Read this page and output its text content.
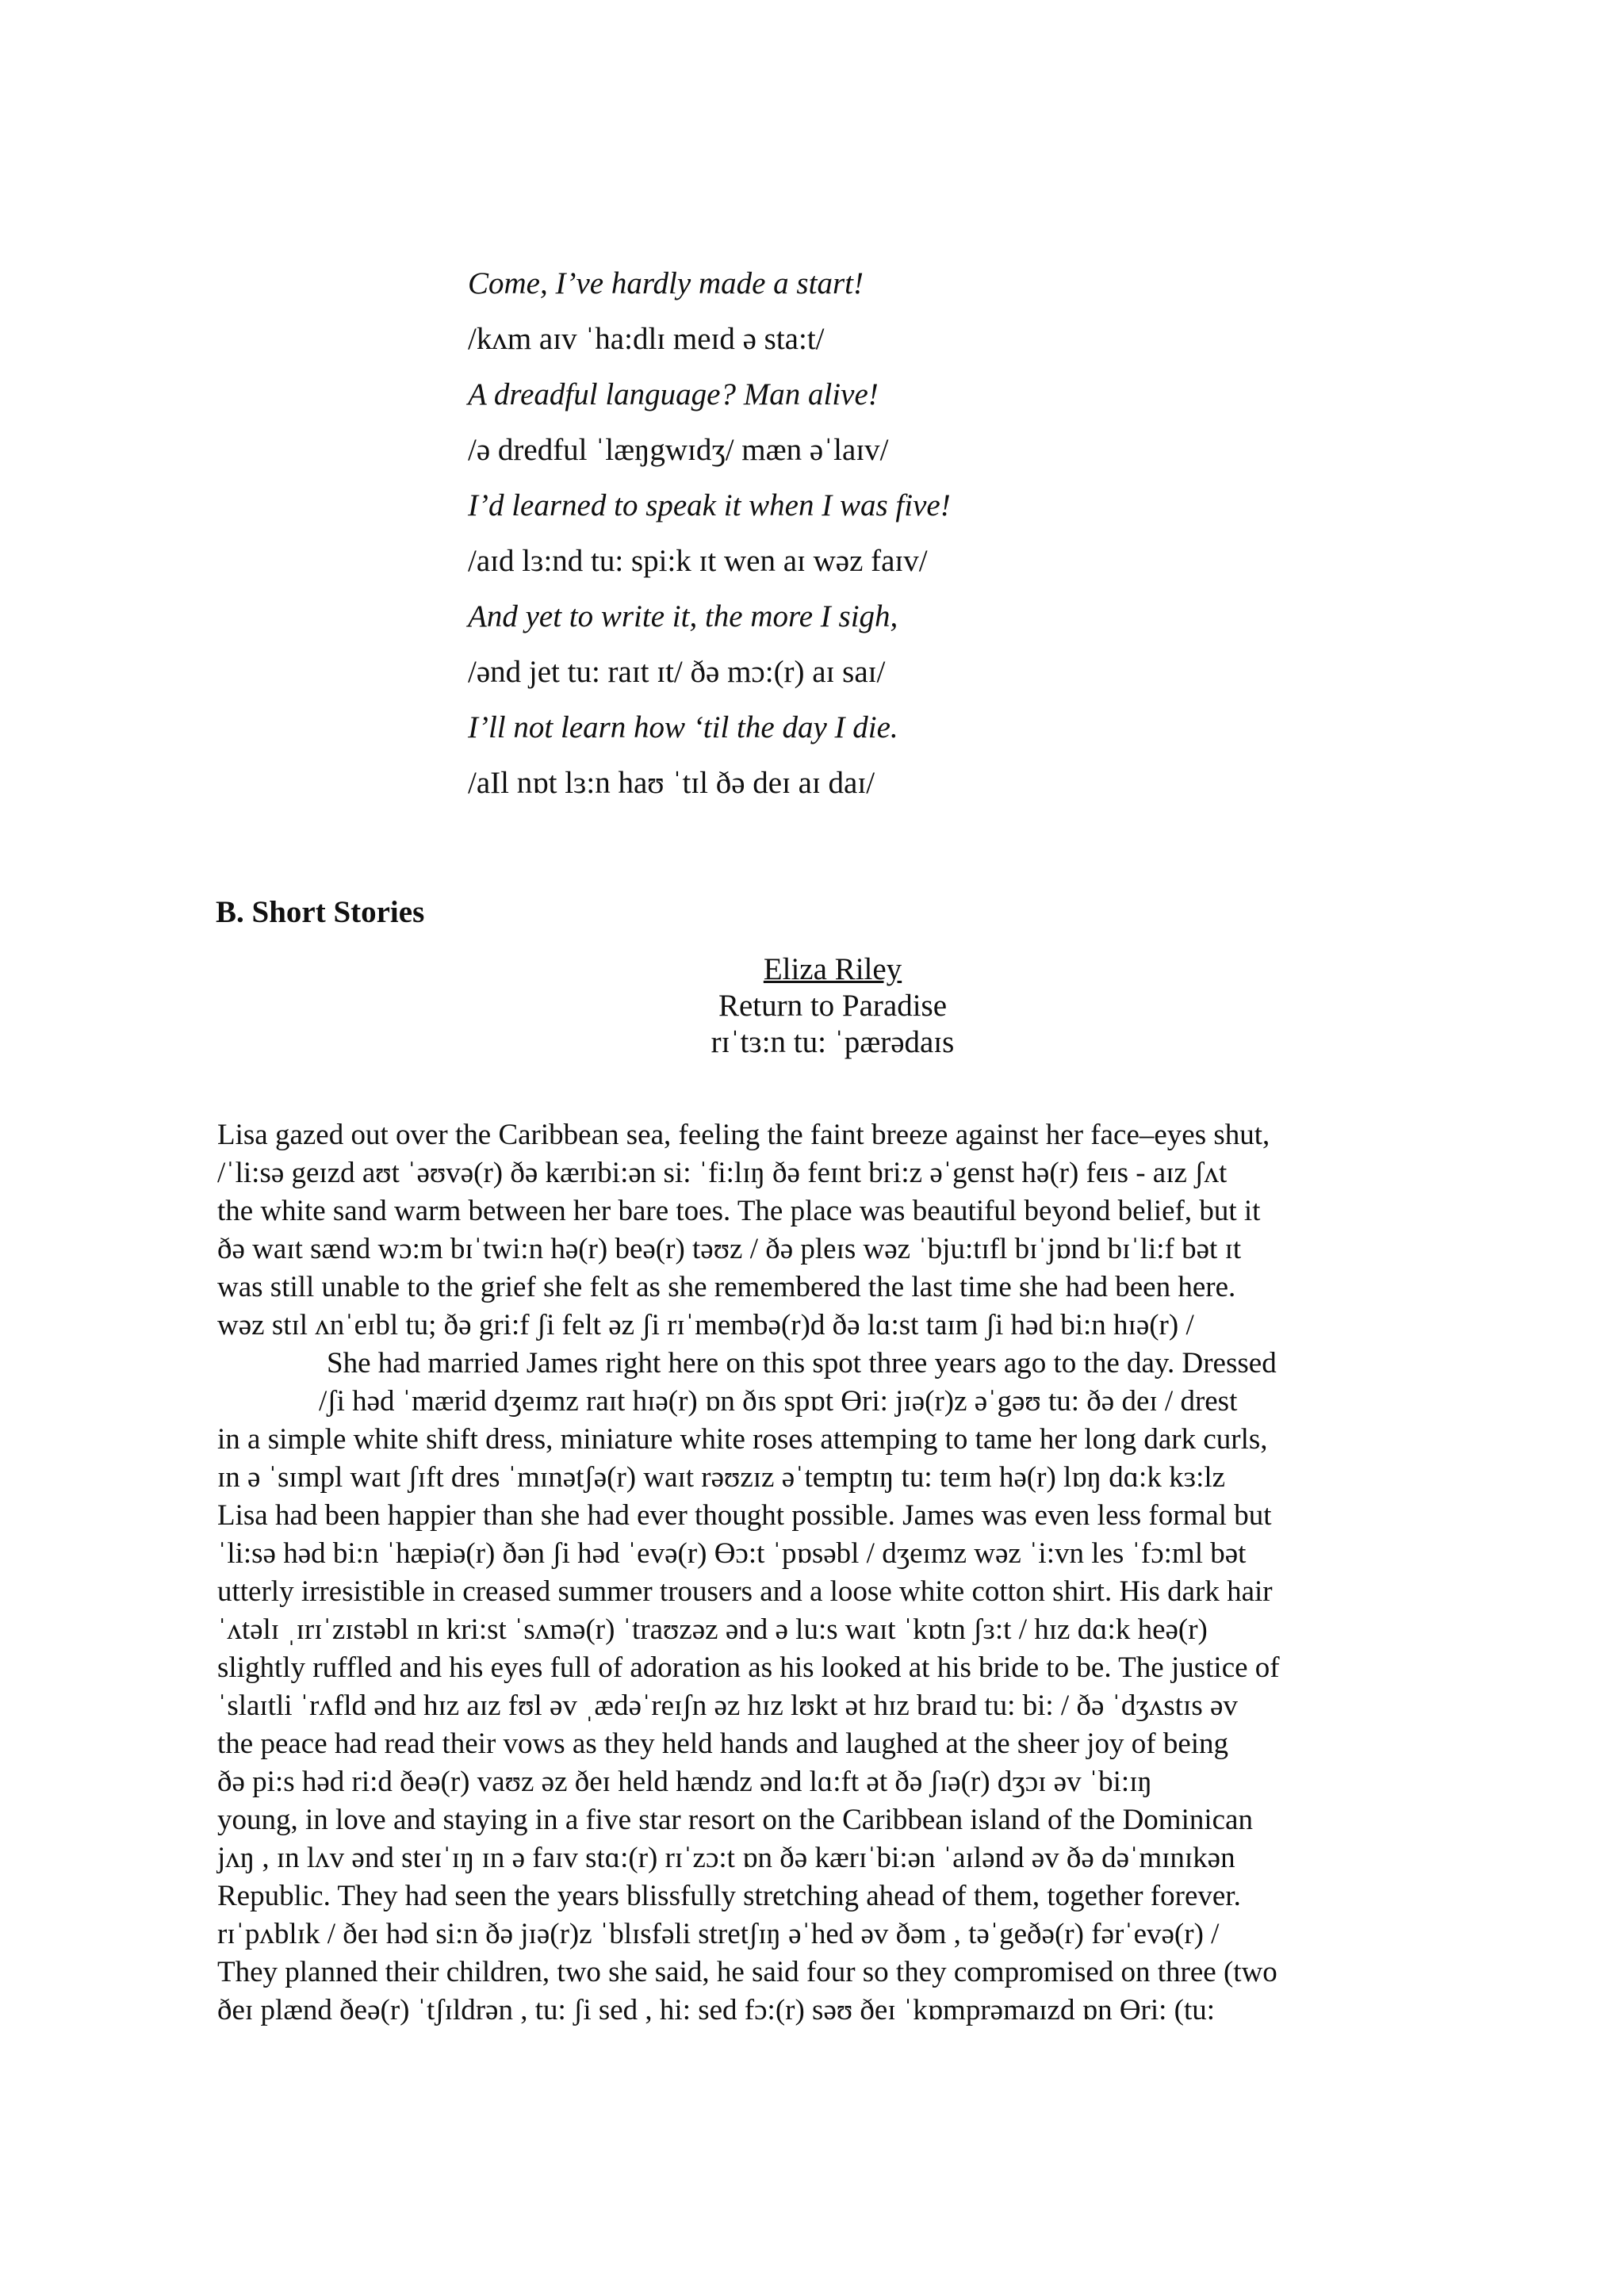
Come, I’ve hardly made a start!
/kʌm aɪv ˈha:dlɪ meɪd ə sta:t/
A dreadful language? Man alive!
/ə dredful ˈlæŋgwɪdʒ/ mæn əˈlaɪv/
I’d learned to speak it when I was five!
/aɪd lɜ:nd tu: spi:k ɪt wen aɪ wəz faɪv/
And yet to write it, the more I sigh,
/ənd jet tu: raɪt ɪt/ ðə mɔ:(r) aɪ saɪ/
I’ll not learn how ‘til the day I die.
/aIl nɒt lɜ:n haʊ ˈtɪl ðə deɪ aɪ daɪ/
B. Short Stories
Eliza Riley
Return to Paradise
rɪˈtɜ:n tu: ˈpærədaɪs
Lisa gazed out over the Caribbean sea, feeling the faint breeze against her face–eyes shut,
/ˈli:sə geɪzd aʊt ˈəʊvə(r) ðə kærɪbi:ən si: ˈfi:lɪŋ ðə feɪnt bri:z əˈgenst hə(r) feɪs - aɪz ʃʌt
the white sand warm between her bare toes. The place was beautiful beyond belief, but it
ðə waɪt sænd wɔ:m bɪˈtwi:n hə(r) beə(r) təʊz / ðə pleɪs wəz ˈbju:tɪfl bɪˈjɒnd bɪˈli:f bət ɪt
was still unable to the grief she felt as she remembered the last time she had been here.
wəz stɪl ʌnˈeɪbl tu; ðə gri:f ʃi felt əz ʃi rɪˈmembə(r)d ðə lɑ:st taɪm ʃi həd bi:n hɪə(r) /
She had married James right here on this spot three years ago to the day. Dressed
/ʃi həd ˈmærid dʒeɪmz raɪt hɪə(r) ɒn ðɪs spɒt Өri: jɪə(r)z əˈgəʊ tu: ðə deɪ / drest
in a simple white shift dress, miniature white roses attemping to tame her long dark curls,
ɪn ə ˈsɪmpl waɪt ʃɪft dres ˈmɪnətʃə(r) waɪt rəʊzɪz əˈtemptɪŋ tu: teɪm hə(r) lɒŋ dɑ:k kɜ:lz
Lisa had been happier than she had ever thought possible. James was even less formal but
ˈli:sə həd bi:n ˈhæpiə(r) ðən ʃi həd ˈevə(r) Өɔ:t ˈpɒsəbl / dʒeɪmz wəz ˈi:vn les ˈfɔ:ml bət
utterly irresistible in creased summer trousers and a loose white cotton shirt. His dark hair
ˈʌtəlɪ ˌɪrɪˈzɪstəbl ɪn kri:st ˈsʌmə(r) ˈtraʊzəz ənd ə lu:s waɪt ˈkɒtn ʃɜ:t / hɪz dɑ:k heə(r)
slightly ruffled and his eyes full of adoration as his looked at his bride to be. The justice of
ˈslaɪtli ˈrʌfld ənd hɪz aɪz fʊl əv ˌædəˈreɪʃn əz hɪz lʊkt ət hɪz braɪd tu: bi: / ðə ˈdʒʌstɪs əv
the peace had read their vows as they held hands and laughed at the sheer joy of being
ðə pi:s həd ri:d ðeə(r) vaʊz əz ðeɪ held hændz ənd lɑ:ft ət ðə ʃɪə(r) dʒɔɪ əv ˈbi:ɪŋ
young, in love and staying in a five star resort on the Caribbean island of the Dominican
jʌŋ , ɪn lʌv ənd steɪˈɪŋ ɪn ə faɪv stɑ:(r) rɪˈzɔ:t ɒn ðə kærɪˈbi:ən ˈaɪlənd əv ðə dəˈmɪnɪkən
Republic. They had seen the years blissfully stretching ahead of them, together forever.
rɪˈpʌblɪk / ðeɪ həd si:n ðə jɪə(r)z ˈblɪsfəli stretʃɪŋ əˈhed əv ðəm , təˈgeðə(r) fərˈevə(r) /
They planned their children, two she said, he said four so they compromised on three (two
ðeɪ plænd ðeə(r) ˈtʃɪldrən , tu: ʃi sed , hi: sed fɔ:(r) səʊ ðeɪ ˈkɒmprəmaɪzd ɒn Өri: (tu:
